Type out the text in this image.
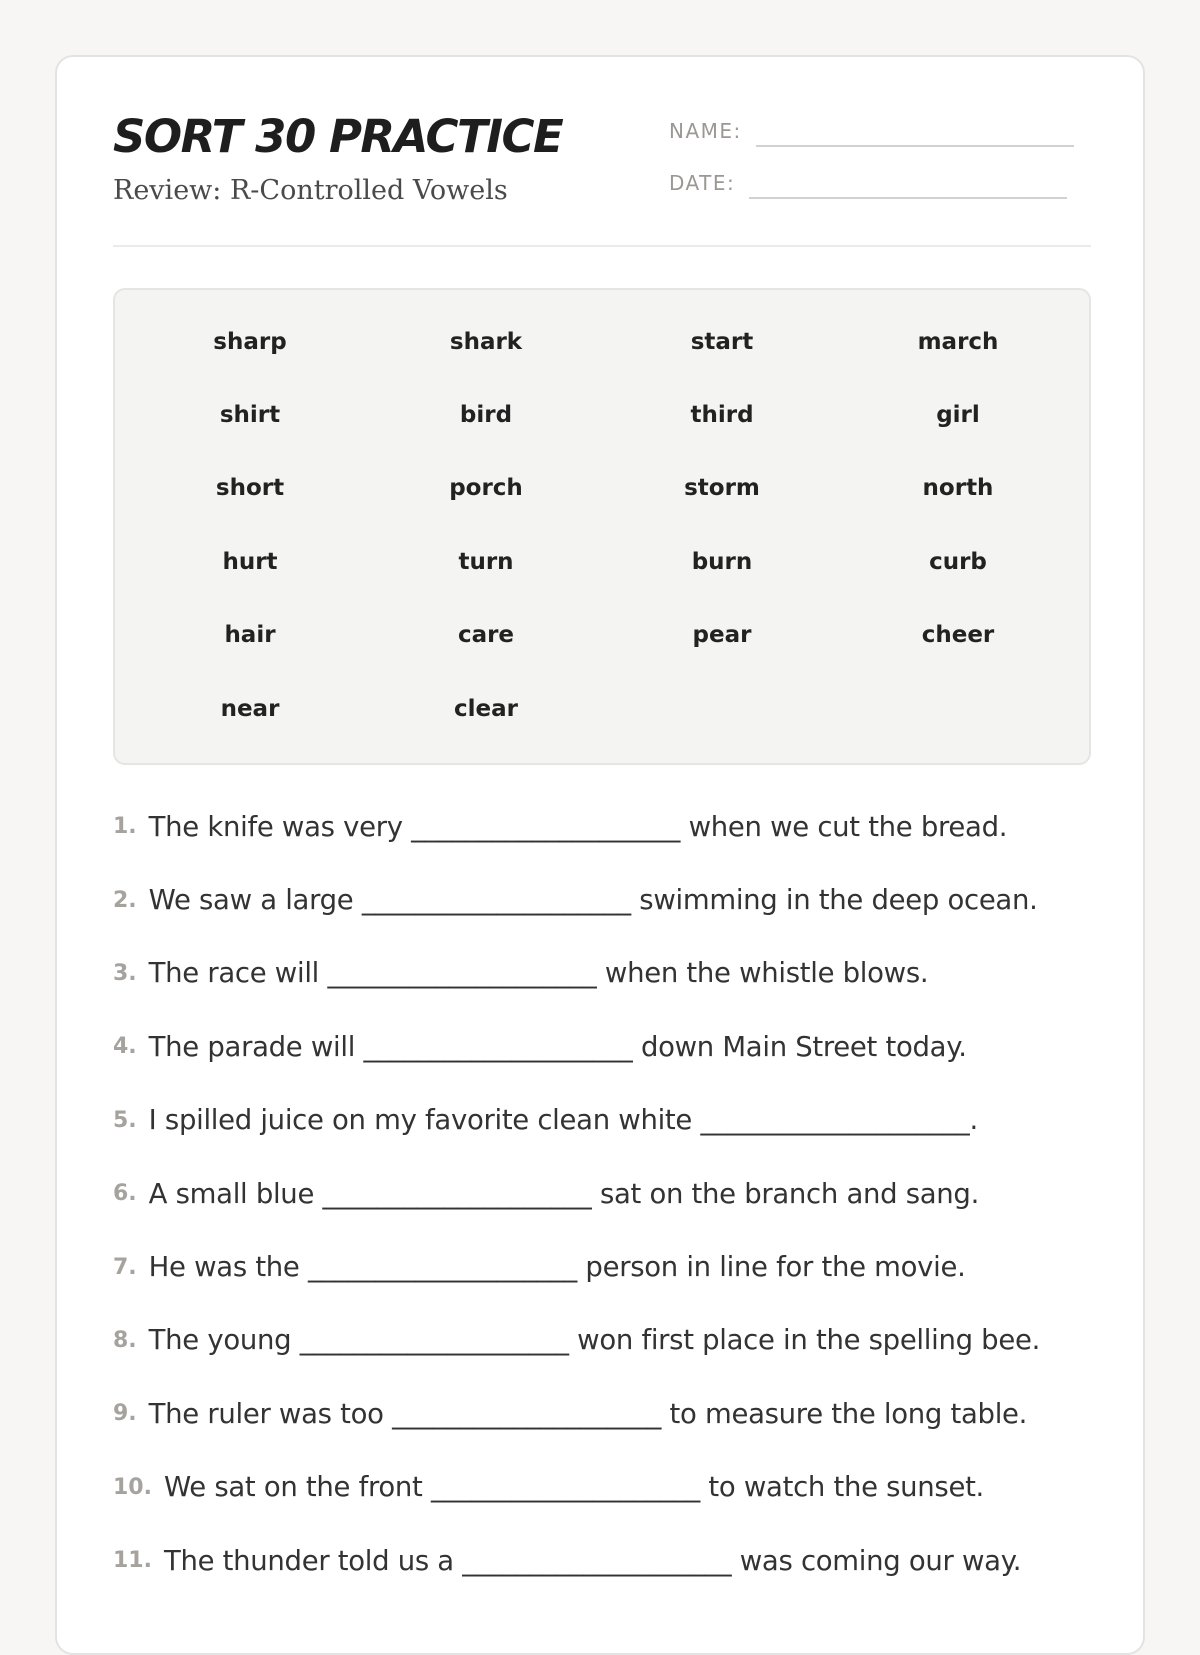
SORT 30 PRACTICE
Review: R-Controlled Vowels
NAME:
DATE:
sharp	shark	start	march
shirt	bird	third	girl
short	porch	storm	north
hurt	turn	burn	curb
hair	care	pear	cheer
near	clear
1. The knife was very ____________________ when we cut the bread.
2. We saw a large ____________________ swimming in the deep ocean.
3. The race will ____________________ when the whistle blows.
4. The parade will ____________________ down Main Street today.
5. I spilled juice on my favorite clean white ____________________.
6. A small blue ____________________ sat on the branch and sang.
7. He was the ____________________ person in line for the movie.
8. The young ____________________ won first place in the spelling bee.
9. The ruler was too ____________________ to measure the long table.
10. We sat on the front ____________________ to watch the sunset.
11. The thunder told us a ____________________ was coming our way.
